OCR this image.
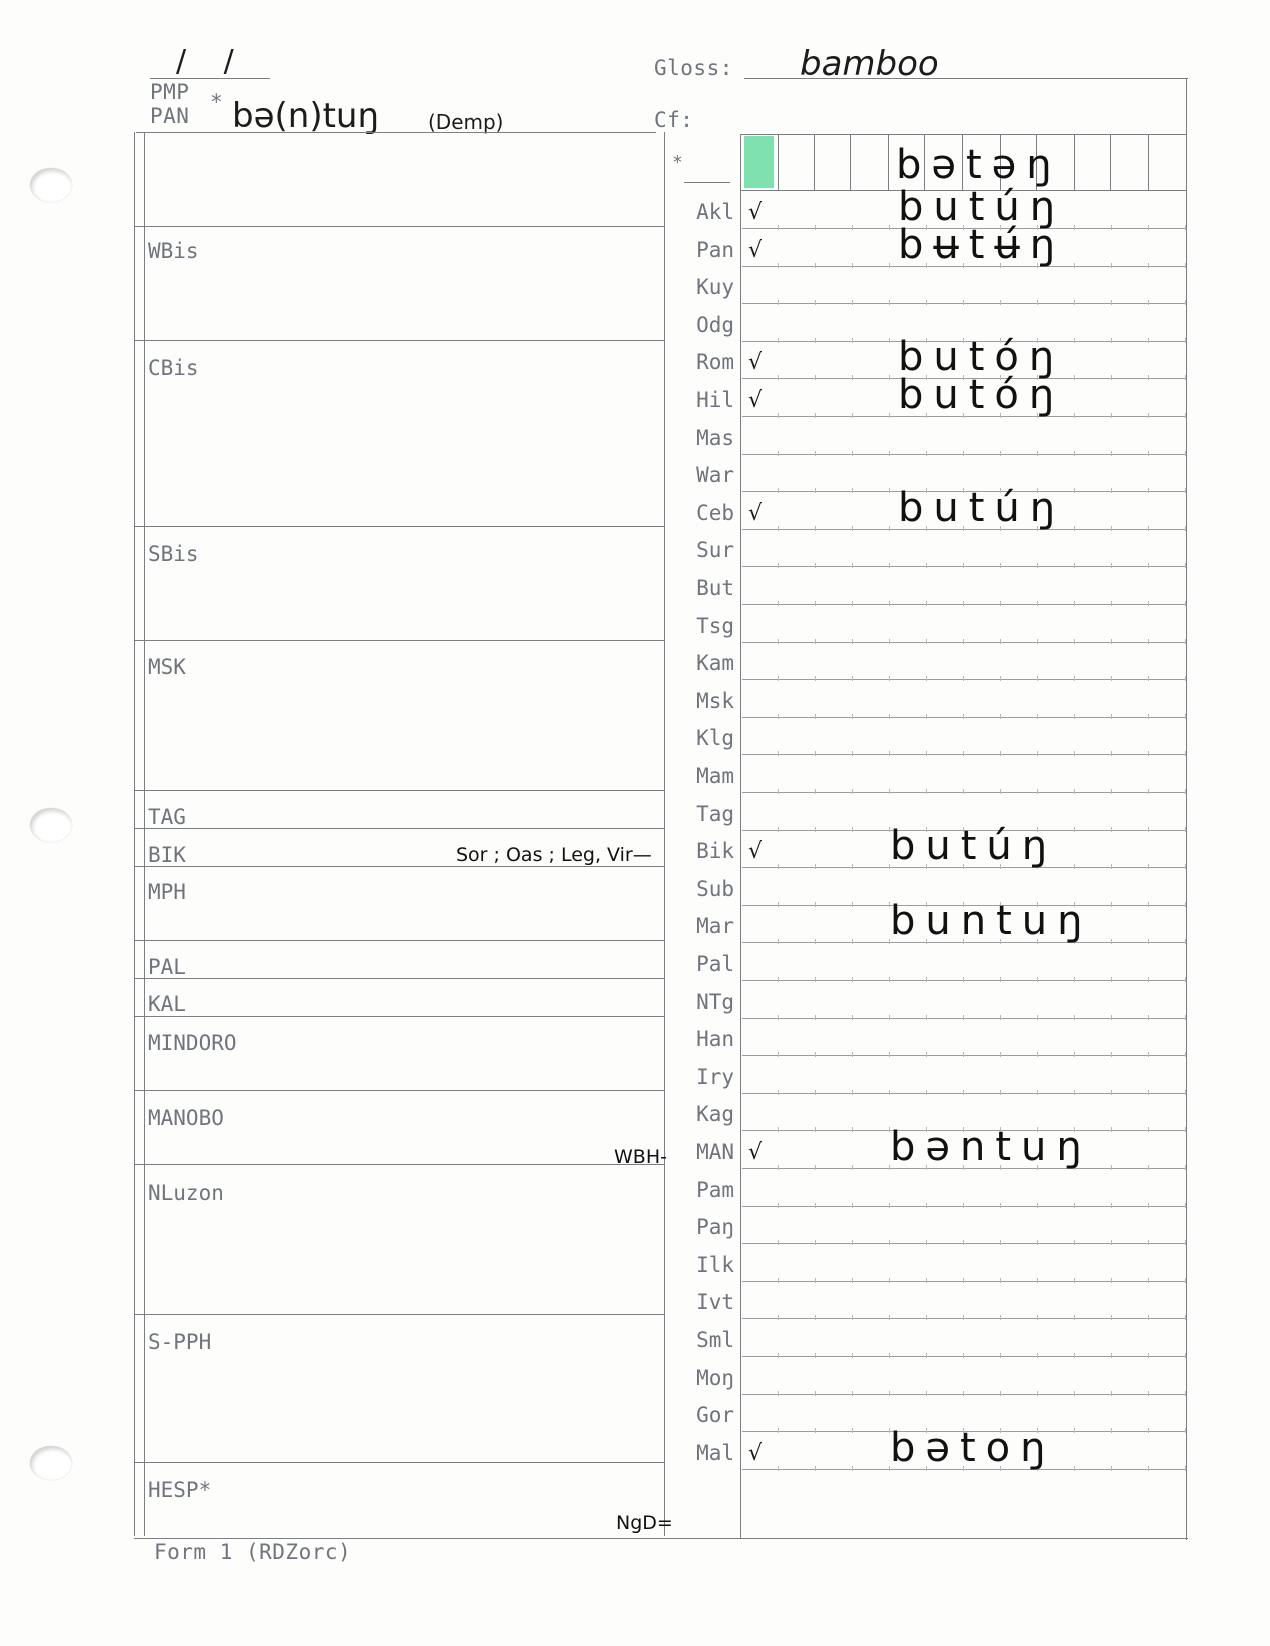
/ /
PMP
PAN
* bə(n)tuŋ (Demp)
Gloss: bamboo
Cf:
*	bətəŋ
WBis
CBis
SBis
MSK
TAG
BIK
MPH
PAL
KAL
MINDORO
MANOBO
NLuzon
S-PPH
HESP*
Akl √	butúŋ
Pan √	bʉtʉ́ŋ
Kuy
Odg
Rom √	butóŋ
Hil √	butóŋ
Mas
War
Ceb √	butúŋ
Sur
But
Tsg
Kam
Msk
Klg
Mam
Tag
Bik √	butúŋ
Sub
Mar	buntuŋ
Pal
NTg
Han
Iry
Kag
MAN √	bəntuŋ
Pam
Paŋ
Ilk
Ivt
Sml
Moŋ
Gor
Mal √	bətoŋ
Sor ; Oas ; Leg, Vir—
WBH-
NgD=
Form 1 (RDZorc)
